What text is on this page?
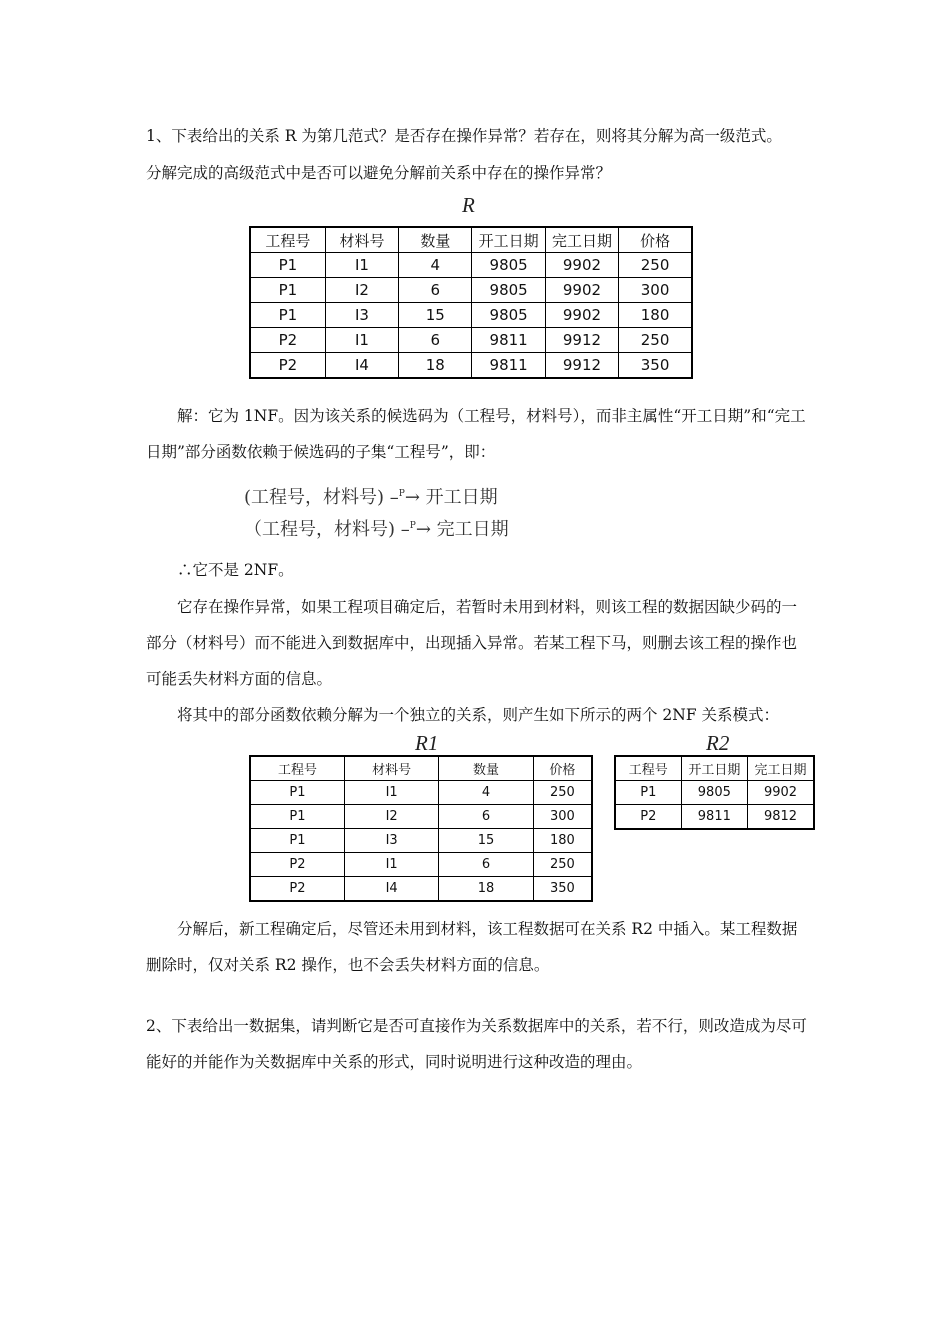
1、下表给出的关系 R 为第几范式？是否存在操作异常？若存在，则将其分解为高一级范式。

分解完成的高级范式中是否可以避免分解前关系中存在的操作异常？

R
工程号	材料号	数量	开工日期	完工日期	价格
P1	I1	4	9805	9902	250
P1	I2	6	9805	9902	300
P1	I3	15	9805	9902	180
P2	I1	6	9811	9912	250
P2	I4	18	9811	9912	350

解：它为 1NF。因为该关系的候选码为（工程号，材料号），而非主属性“开工日期”和“完工日期”部分函数依赖于候选码的子集“工程号”，即：

(工程号，材料号) –$^P$→ 开工日期
（工程号，材料号) –$^P$→ 完工日期

∴它不是 2NF。

它存在操作异常，如果工程项目确定后，若暂时未用到材料，则该工程的数据因缺少码的一部分（材料号）而不能进入到数据库中，出现插入异常。若某工程下马，则删去该工程的操作也可能丢失材料方面的信息。

将其中的部分函数依赖分解为一个独立的关系，则产生如下所示的两个 2NF 关系模式：

R1
工程号	材料号	数量	价格
P1	I1	4	250
P1	I2	6	300
P1	I3	15	180
P2	I1	6	250
P2	I4	18	350
R2
工程号	开工日期	完工日期
P1	9805	9902
P2	9811	9812

分解后，新工程确定后，尽管还未用到材料，该工程数据可在关系 R2 中插入。某工程数据删除时，仅对关系 R2 操作，也不会丢失材料方面的信息。

2、下表给出一数据集，请判断它是否可直接作为关系数据库中的关系，若不行，则改造成为尽可能好的并能作为关数据库中关系的形式，同时说明进行这种改造的理由。
